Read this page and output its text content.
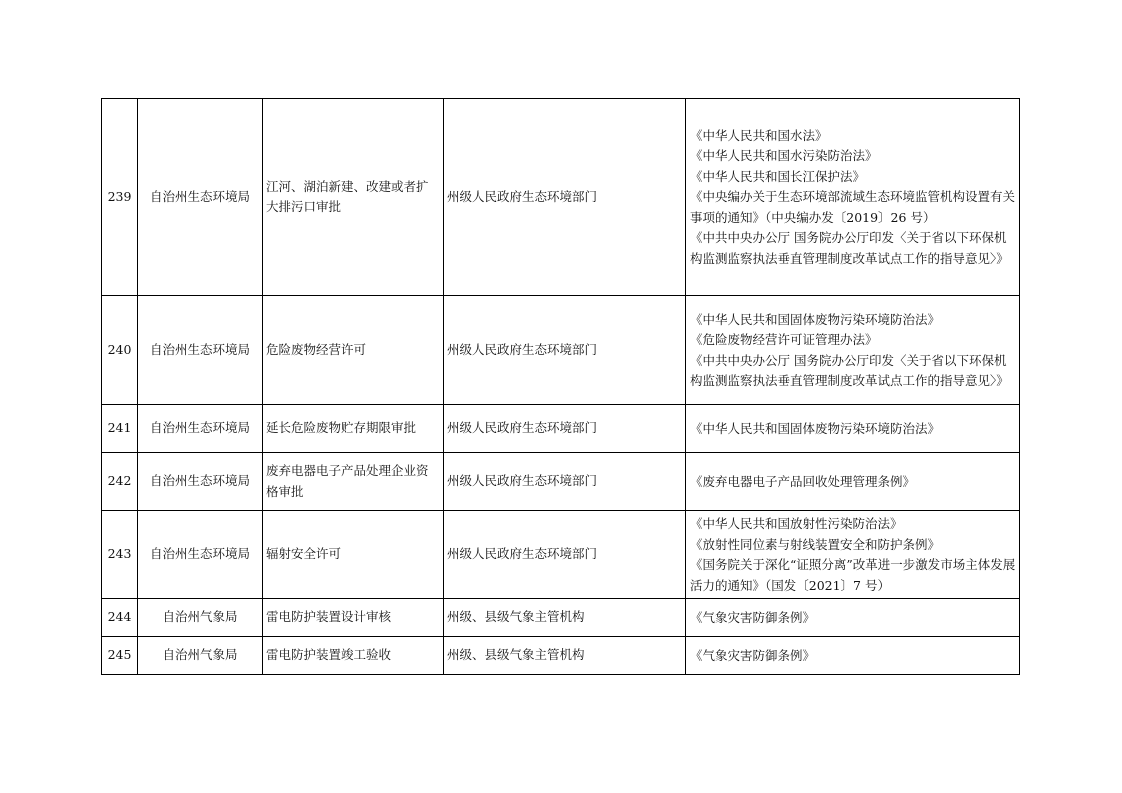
239	自治州生态环境局	江河、湖泊新建、改建或者扩大排污口审批	州级人民政府生态环境部门	《中华人民共和国水法》
《中华人民共和国水污染防治法》
《中华人民共和国长江保护法》
《中央编办关于生态环境部流域生态环境监管机构设置有关事项的通知》（中央编办发〔2019〕26 号）
《中共中央办公厅 国务院办公厅印发〈关于省以下环保机构监测监察执法垂直管理制度改革试点工作的指导意见〉》

240	自治州生态环境局	危险废物经营许可	州级人民政府生态环境部门	《中华人民共和国固体废物污染环境防治法》
《危险废物经营许可证管理办法》
《中共中央办公厅 国务院办公厅印发〈关于省以下环保机构监测监察执法垂直管理制度改革试点工作的指导意见〉》

241	自治州生态环境局	延长危险废物贮存期限审批	州级人民政府生态环境部门	《中华人民共和国固体废物污染环境防治法》

242	自治州生态环境局	废弃电器电子产品处理企业资格审批	州级人民政府生态环境部门	《废弃电器电子产品回收处理管理条例》

243	自治州生态环境局	辐射安全许可	州级人民政府生态环境部门	《中华人民共和国放射性污染防治法》
《放射性同位素与射线装置安全和防护条例》
《国务院关于深化“证照分离”改革进一步激发市场主体发展活力的通知》（国发〔2021〕7 号）

244	自治州气象局	雷电防护装置设计审核	州级、县级气象主管机构	《气象灾害防御条例》

245	自治州气象局	雷电防护装置竣工验收	州级、县级气象主管机构	《气象灾害防御条例》
